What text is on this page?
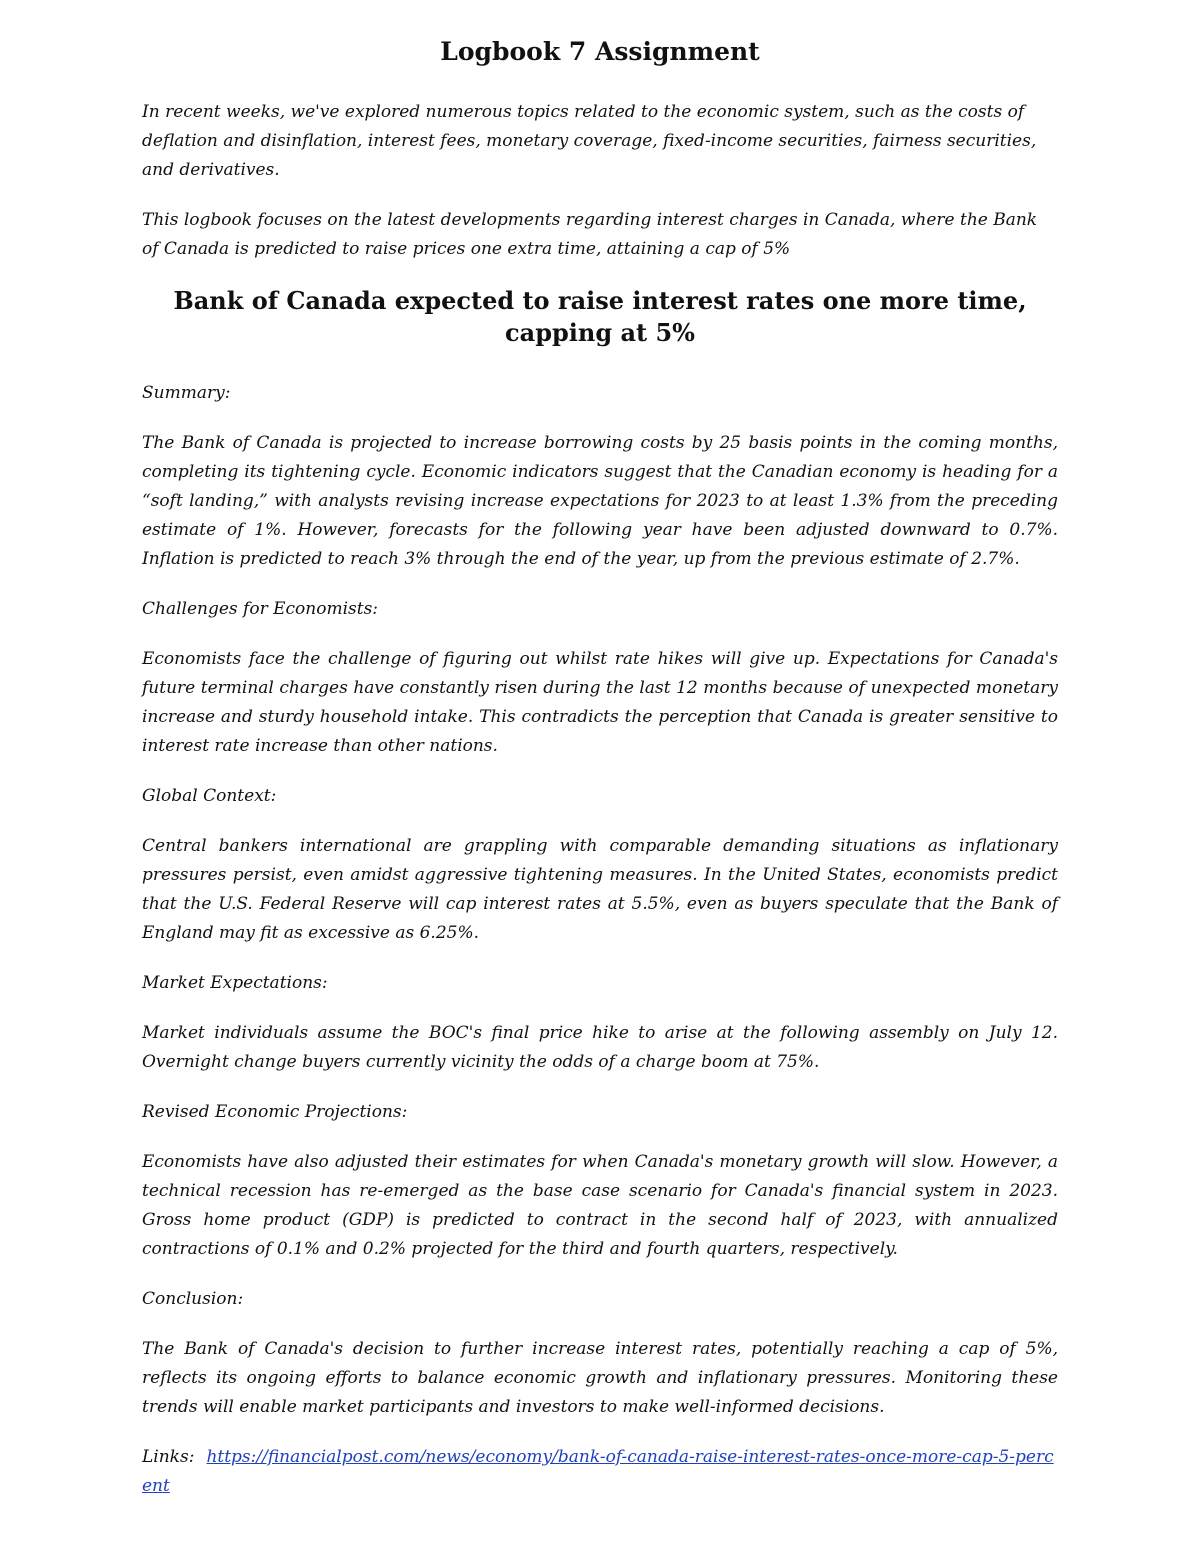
Logbook 7 Assignment

In recent weeks, we've explored numerous topics related to the economic system, such as the costs of deflation and disinflation, interest fees, monetary coverage, fixed-income securities, fairness securities, and derivatives.

This logbook focuses on the latest developments regarding interest charges in Canada, where the Bank of Canada is predicted to raise prices one extra time, attaining a cap of 5%

Bank of Canada expected to raise interest rates one more time, capping at 5%

Summary:

The Bank of Canada is projected to increase borrowing costs by 25 basis points in the coming months, completing its tightening cycle. Economic indicators suggest that the Canadian economy is heading for a “soft landing,” with analysts revising increase expectations for 2023 to at least 1.3% from the preceding estimate of 1%. However, forecasts for the following year have been adjusted downward to 0.7%. Inflation is predicted to reach 3% through the end of the year, up from the previous estimate of 2.7%.

Challenges for Economists:

Economists face the challenge of figuring out whilst rate hikes will give up. Expectations for Canada's future terminal charges have constantly risen during the last 12 months because of unexpected monetary increase and sturdy household intake. This contradicts the perception that Canada is greater sensitive to interest rate increase than other nations.

Global Context:

Central bankers international are grappling with comparable demanding situations as inflationary pressures persist, even amidst aggressive tightening measures. In the United States, economists predict that the U.S. Federal Reserve will cap interest rates at 5.5%, even as buyers speculate that the Bank of England may fit as excessive as 6.25%.

Market Expectations:

Market individuals assume the BOC's final price hike to arise at the following assembly on July 12. Overnight change buyers currently vicinity the odds of a charge boom at 75%.

Revised Economic Projections:

Economists have also adjusted their estimates for when Canada's monetary growth will slow. However, a technical recession has re-emerged as the base case scenario for Canada's financial system in 2023. Gross home product (GDP) is predicted to contract in the second half of 2023, with annualized contractions of 0.1% and 0.2% projected for the third and fourth quarters, respectively.

Conclusion:

The Bank of Canada's decision to further increase interest rates, potentially reaching a cap of 5%, reflects its ongoing efforts to balance economic growth and inflationary pressures. Monitoring these trends will enable market participants and investors to make well-informed decisions.

Links: https://financialpost.com/news/economy/bank-of-canada-raise-interest-rates-once-more-cap-5-percent
